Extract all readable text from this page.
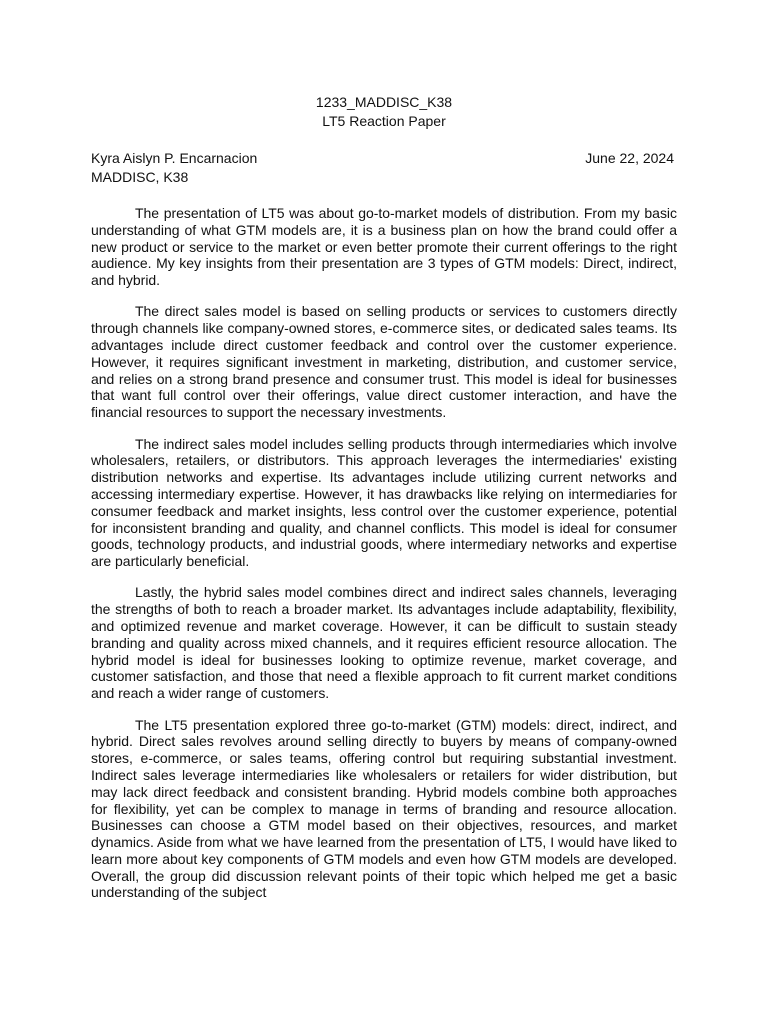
1233_MADDISC_K38
LT5 Reaction Paper
Kyra Aislyn P. Encarnacion
MADDISC, K38
June 22, 2024

The presentation of LT5 was about go-to-market models of distribution. From my basic understanding of what GTM models are, it is a business plan on how the brand could offer a new product or service to the market or even better promote their current offerings to the right audience. My key insights from their presentation are 3 types of GTM models: Direct, indirect, and hybrid.

The direct sales model is based on selling products or services to customers directly through channels like company-owned stores, e-commerce sites, or dedicated sales teams. Its advantages include direct customer feedback and control over the customer experience. However, it requires significant investment in marketing, distribution, and customer service, and relies on a strong brand presence and consumer trust. This model is ideal for businesses that want full control over their offerings, value direct customer interaction, and have the financial resources to support the necessary investments.

The indirect sales model includes selling products through intermediaries which involve wholesalers, retailers, or distributors. This approach leverages the intermediaries' existing distribution networks and expertise. Its advantages include utilizing current networks and accessing intermediary expertise. However, it has drawbacks like relying on intermediaries for consumer feedback and market insights, less control over the customer experience, potential for inconsistent branding and quality, and channel conflicts. This model is ideal for consumer goods, technology products, and industrial goods, where intermediary networks and expertise are particularly beneficial.

Lastly, the hybrid sales model combines direct and indirect sales channels, leveraging the strengths of both to reach a broader market. Its advantages include adaptability, flexibility, and optimized revenue and market coverage. However, it can be difficult to sustain steady branding and quality across mixed channels, and it requires efficient resource allocation. The hybrid model is ideal for businesses looking to optimize revenue, market coverage, and customer satisfaction, and those that need a flexible approach to fit current market conditions and reach a wider range of customers.

The LT5 presentation explored three go-to-market (GTM) models: direct, indirect, and hybrid. Direct sales revolves around selling directly to buyers by means of company-owned stores, e-commerce, or sales teams, offering control but requiring substantial investment. Indirect sales leverage intermediaries like wholesalers or retailers for wider distribution, but may lack direct feedback and consistent branding. Hybrid models combine both approaches for flexibility, yet can be complex to manage in terms of branding and resource allocation. Businesses can choose a GTM model based on their objectives, resources, and market dynamics. Aside from what we have learned from the presentation of LT5, I would have liked to learn more about key components of GTM models and even how GTM models are developed. Overall, the group did discussion relevant points of their topic which helped me get a basic understanding of the subject
